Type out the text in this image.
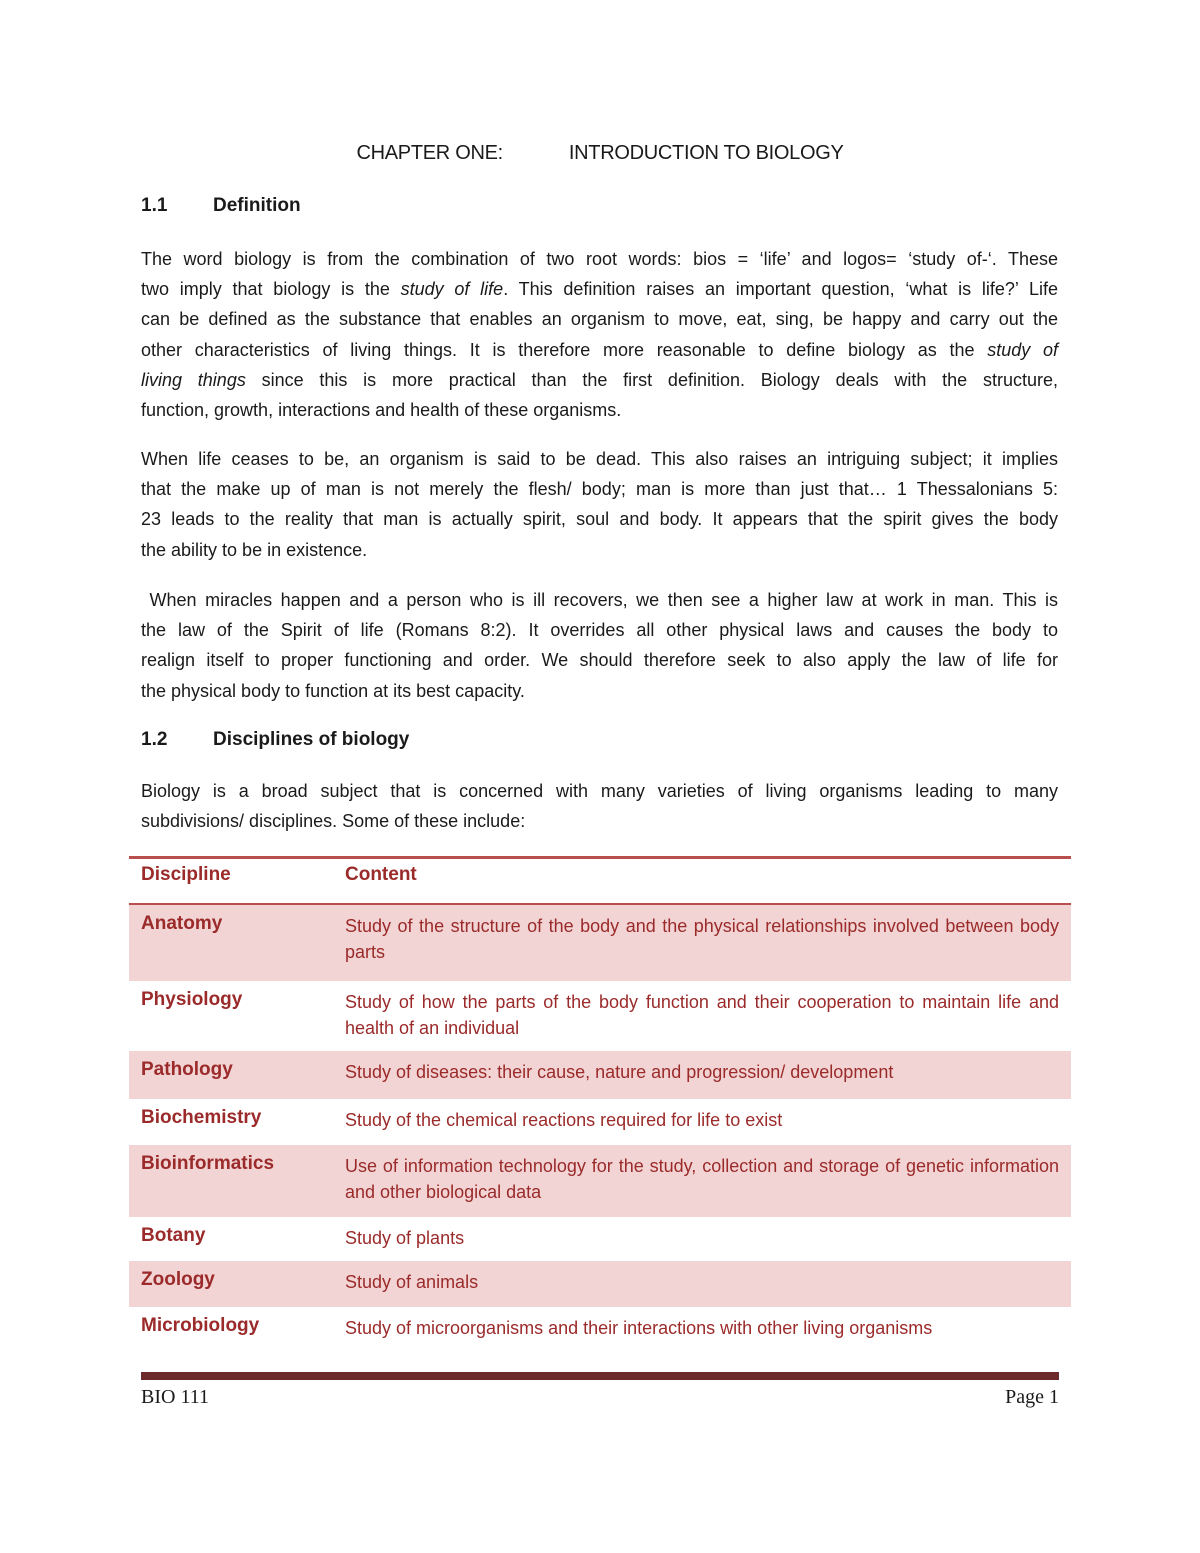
CHAPTER ONE:	INTRODUCTION TO BIOLOGY
1.1	Definition

The word biology is from the combination of two root words: bios = ‘life’ and logos= ‘study of-‘. These
two imply that biology is the study of life. This definition raises an important question, ‘what is life?’ Life
can be defined as the substance that enables an organism to move, eat, sing, be happy and carry out the
other characteristics of living things. It is therefore more reasonable to define biology as the study of
living things since this is more practical than the first definition. Biology deals with the structure,
function, growth, interactions and health of these organisms.

When life ceases to be, an organism is said to be dead. This also raises an intriguing subject; it implies
that the make up of man is not merely the flesh/ body; man is more than just that… 1 Thessalonians 5:
23 leads to the reality that man is actually spirit, soul and body. It appears that the spirit gives the body
the ability to be in existence.

When miracles happen and a person who is ill recovers, we then see a higher law at work in man. This is
the law of the Spirit of life (Romans 8:2). It overrides all other physical laws and causes the body to
realign itself to proper functioning and order. We should therefore seek to also apply the law of life for
the physical body to function at its best capacity.

1.2	Disciplines of biology

Biology is a broad subject that is concerned with many varieties of living organisms leading to many
subdivisions/ disciplines. Some of these include:

Discipline	Content
Anatomy	Study of the structure of the body and the physical relationships involved between body parts
Physiology	Study of how the parts of the body function and their cooperation to maintain life and health of an individual
Pathology	Study of diseases: their cause, nature and progression/ development
Biochemistry	Study of the chemical reactions required for life to exist
Bioinformatics	Use of information technology for the study, collection and storage of genetic information and other biological data
Botany	Study of plants
Zoology	Study of animals
Microbiology	Study of microorganisms and their interactions with other living organisms
BIO 111	Page 1
